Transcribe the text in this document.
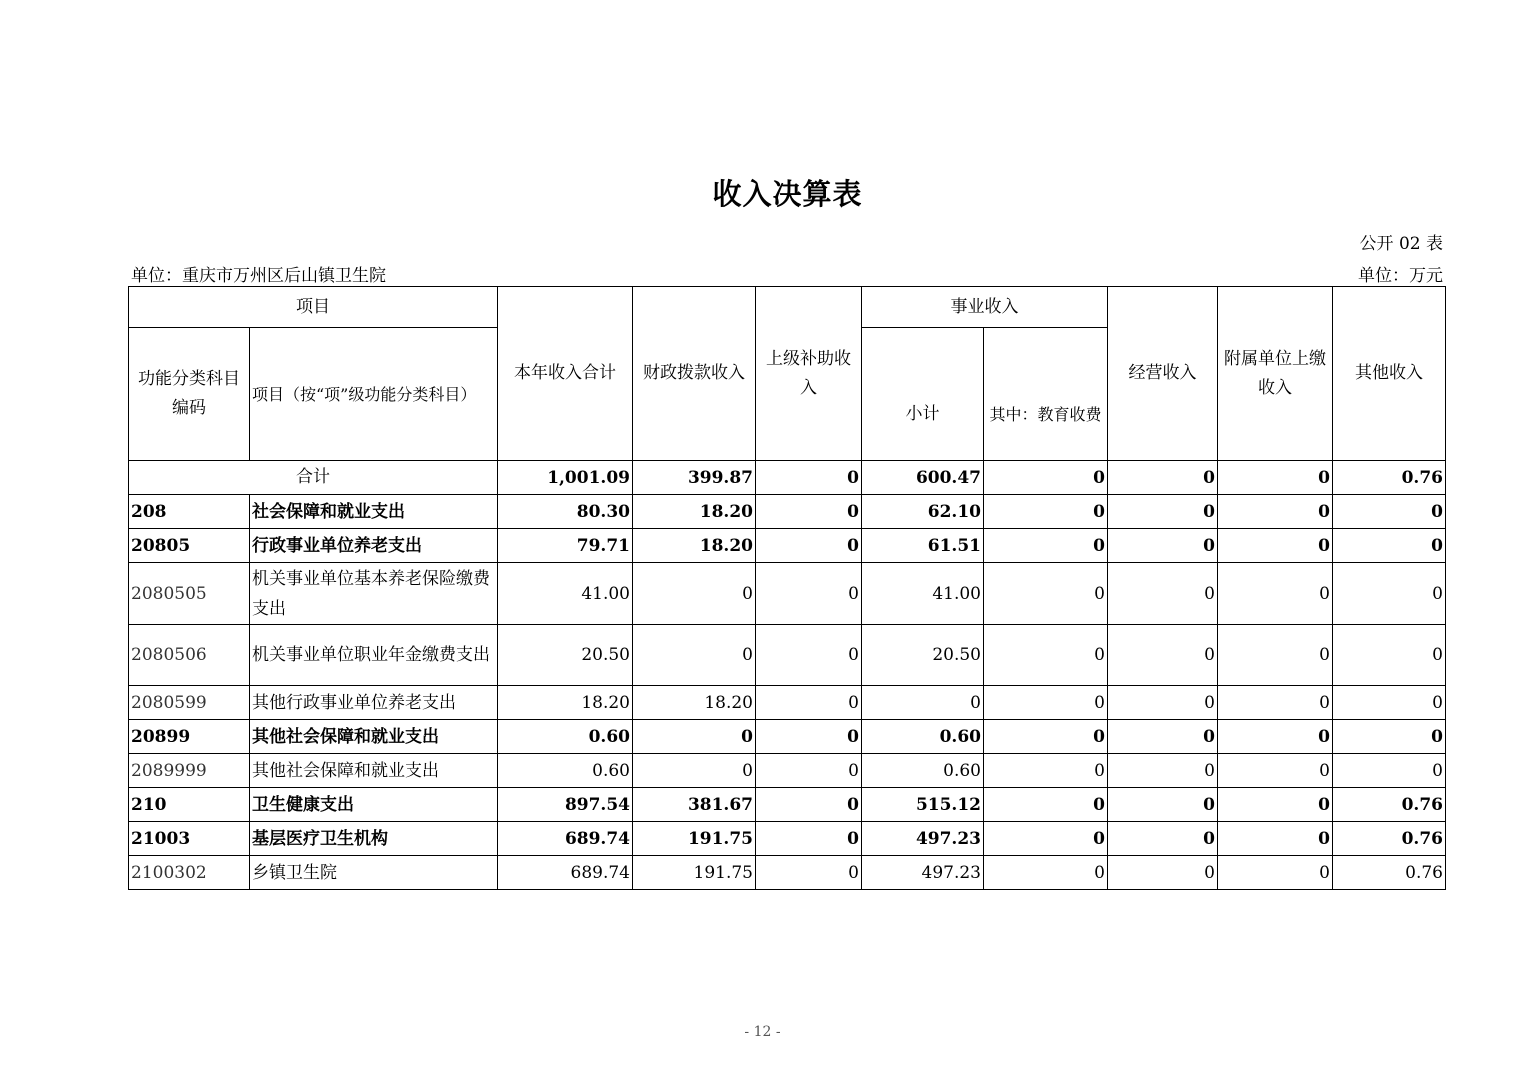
收入决算表
公开 02 表
单位：重庆市万州区后山镇卫生院	单位：万元
项目		本年收入合计	财政拨款收入	上级补助收入	事业收入		经营收入	附属单位上缴收入	其他收入
功能分类科目编码	项目（按“项”级功能分类科目）				小计	其中：教育收费			
合计		1,001.09	399.87	0	600.47	0	0	0	0.76
208	社会保障和就业支出	80.30	18.20	0	62.10	0	0	0	0
20805	行政事业单位养老支出	79.71	18.20	0	61.51	0	0	0	0
2080505	机关事业单位基本养老保险缴费支出	41.00	0	0	41.00	0	0	0	0
2080506	机关事业单位职业年金缴费支出	20.50	0	0	20.50	0	0	0	0
2080599	其他行政事业单位养老支出	18.20	18.20	0	0	0	0	0	0
20899	其他社会保障和就业支出	0.60	0	0	0.60	0	0	0	0
2089999	其他社会保障和就业支出	0.60	0	0	0.60	0	0	0	0
210	卫生健康支出	897.54	381.67	0	515.12	0	0	0	0.76
21003	基层医疗卫生机构	689.74	191.75	0	497.23	0	0	0	0.76
2100302	乡镇卫生院	689.74	191.75	0	497.23	0	0	0	0.76
- 12 -
